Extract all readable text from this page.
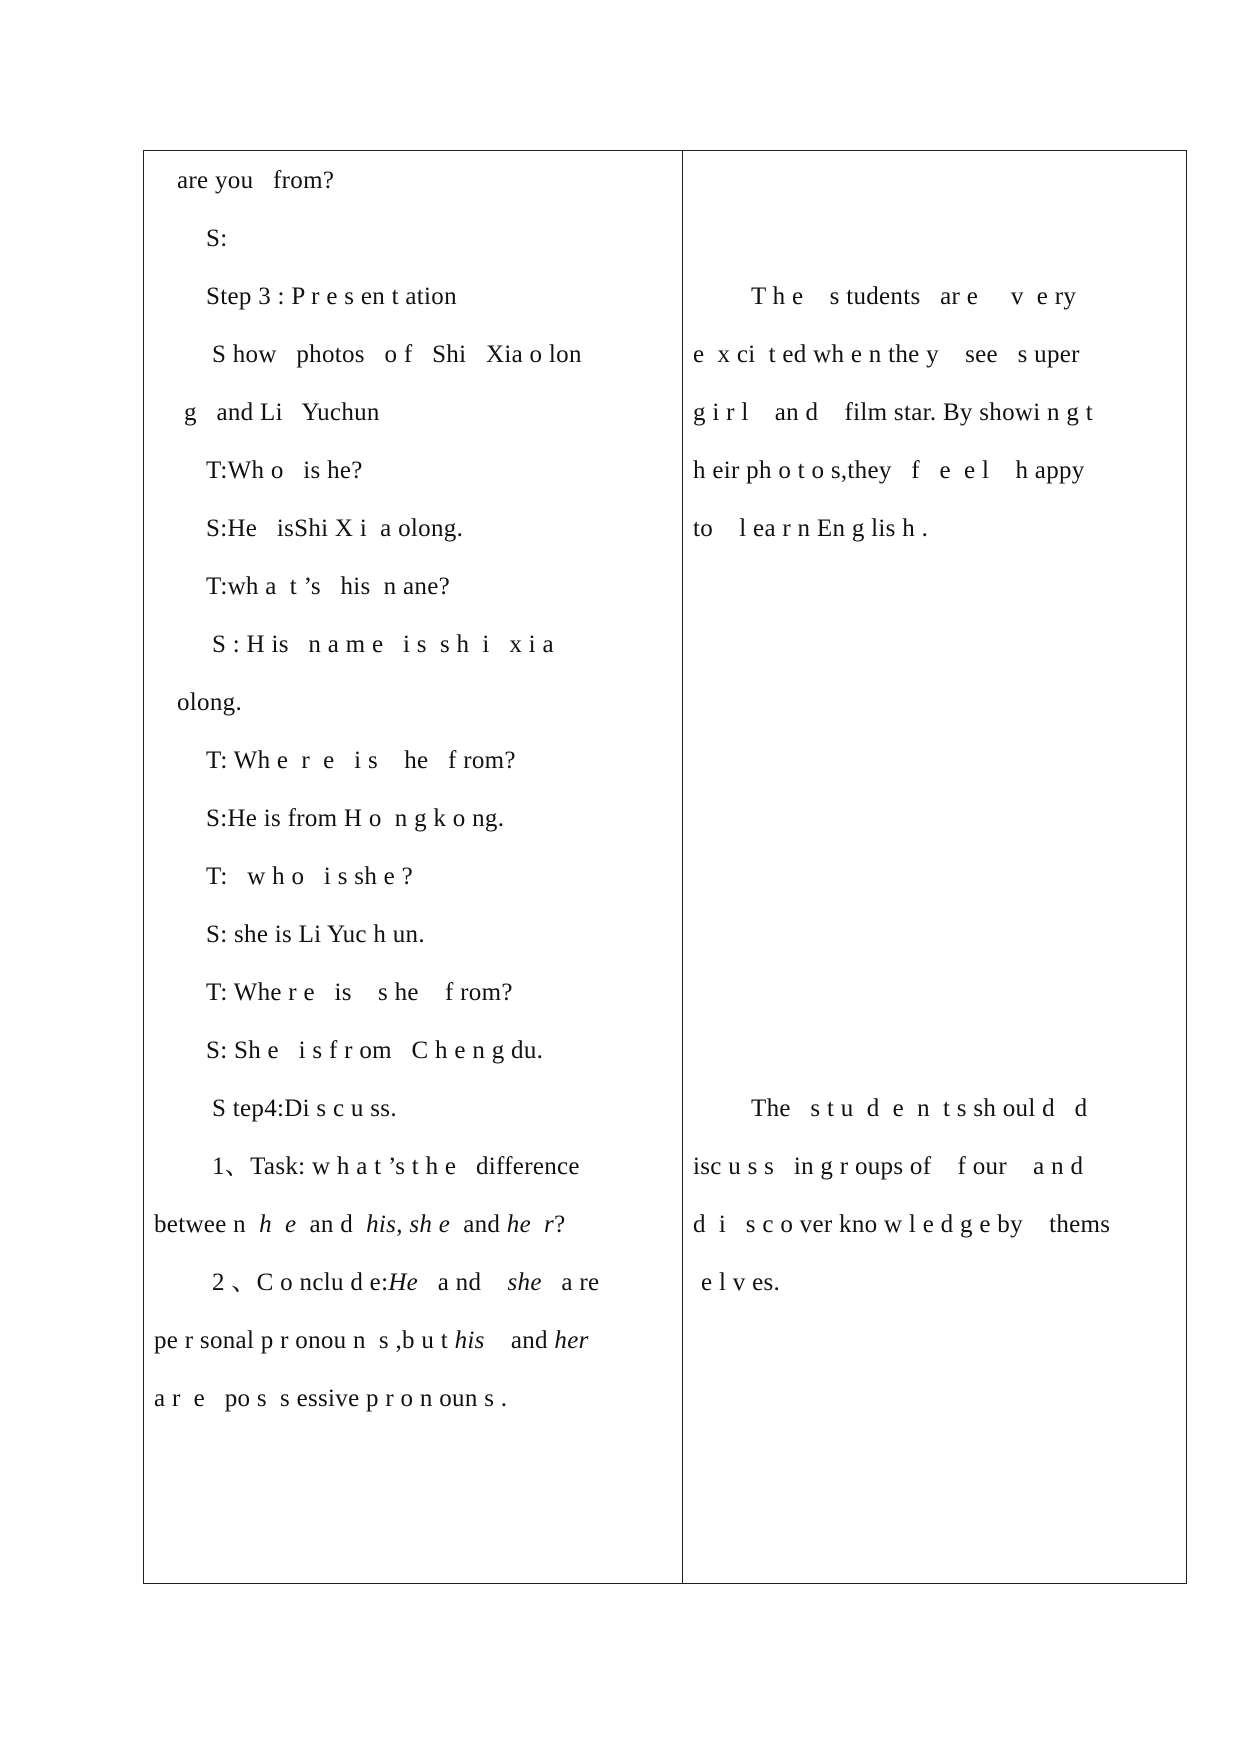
are you   from?
S:
Step 3 : P r e s en t ation
S how   photos   o f   Shi   Xia o lon
g   and Li   Yuchun
T:Wh o   is he?
S:He   isShi X i  a olong.
T:wh a  t ’s   his  n ane?
S : H is   n a m e   i s  s h  i   x i a
olong.
T: Wh e  r  e   i s    he   f rom?
S:He is from H o  n g k o ng.
T:   w h o   i s sh e ?
S: she is Li Yuc h un.
T: Whe r e   is    s he    f rom?
S: Sh e   i s f r om   C h e n g du.
S tep4:Di s c u ss.
1、Task: w h a t ’s t h e   difference
betwee n h  e an d his, sh e and he  r?
2 、C o nclu d e:He a nd she a re
pe r sonal p r onou n  s ,b u t his and her
a r  e   po s  s essive p r o n oun s .
T h e    s tudents   ar e     v  e ry
e  x ci  t ed wh e n the y    see   s uper
g i r l    an d    film star. By showi n g t
h eir ph o t o s,they   f   e  e l    h appy
to    l ea r n En g lis h .
The   s t u  d  e  n  t s sh oul d   d
isc u s s   in g r oups of    f our    a n d
d  i   s c o ver kno w l e d g e by    thems
e l v es.
